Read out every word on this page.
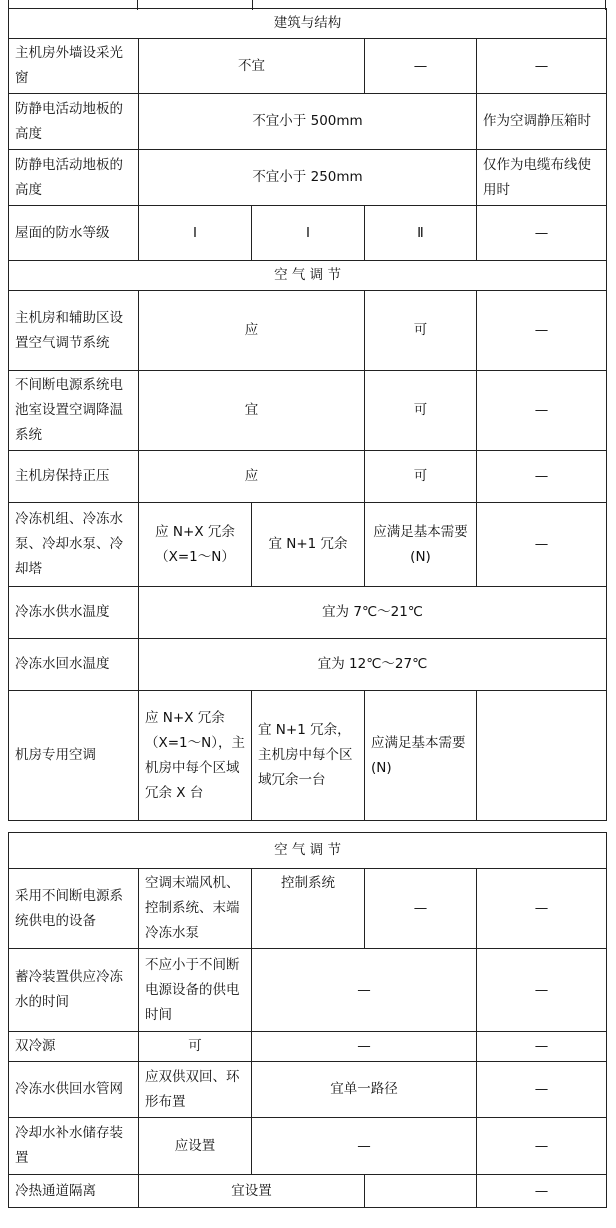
建筑与结构				
主机房外墙设采光窗	不宜		—	—
防静电活动地板的高度	不宜小于 500mm			作为空调静压箱时
防静电活动地板的高度	不宜小于 250mm			仅作为电缆布线使用时
屋面的防水等级	Ⅰ	Ⅰ	Ⅱ	—
空 气 调 节				
主机房和辅助区设置空气调节系统	应		可	—
不间断电源系统电池室设置空调降温系统	宜		可	—
主机房保持正压	应		可	—
冷冻机组、冷冻水泵、冷却水泵、冷却塔	应 N+X 冗余（X=1～N）	宜 N+1 冗余	应满足基本需要(N)	—
冷冻水供水温度	宜为 7℃～21℃			
冷冻水回水温度	宜为 12℃～27℃			
机房专用空调	应 N+X 冗余（X=1～N），主机房中每个区域冗余 X 台	宜 N+1 冗余，主机房中每个区域冗余一台	应满足基本需要(N)	
空 气 调 节				
采用不间断电源系统供电的设备	空调末端风机、控制系统、末端冷冻水泵	控制系统	—	—
蓄冷装置供应冷冻水的时间	不应小于不间断电源设备的供电时间	—		—
双冷源	可	—		—
冷冻水供回水管网	应双供双回、环形布置	宜单一路径		—
冷却水补水储存装置	应设置	—		—
冷热通道隔离	宜设置			—
